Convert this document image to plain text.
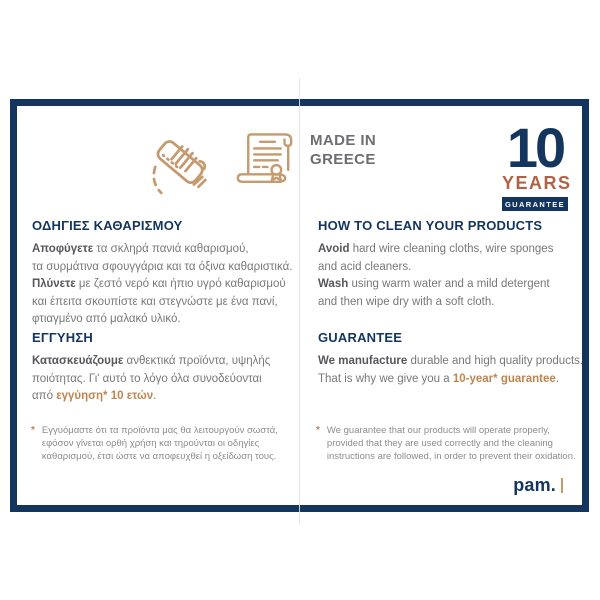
MADE IN
GREECE 10
YEARS
GUARANTEE
ΟΔΗΓΙΕΣ ΚΑΘΑΡΙΣΜΟΥ
Αποφύγετε τα σκληρά πανιά καθαρισμού,
τα συρμάτινα σφουγγάρια και τα όξινα καθαριστικά.
Πλύνετε με ζεστό νερό και ήπιο υγρό καθαρισμού
και έπειτα σκουπίστε και στεγνώστε με ένα πανί,
φτιαγμένο από μαλακό υλικό.
ΕΓΓΥΗΣΗ
Κατασκευάζουμε ανθεκτικά προϊόντα, υψηλής
ποιότητας. Γι' αυτό το λόγο όλα συνοδεύονται
από εγγύηση* 10 ετών.
* Εγγυόμαστε ότι τα προϊόντα μας θα λειτουργούν σωστά,
εφόσον γίνεται ορθή χρήση και τηρούνται οι οδηγίες
καθαρισμού, έτσι ώστε να αποφευχθεί η οξείδωση τους.
HOW TO CLEAN YOUR PRODUCTS
Avoid hard wire cleaning cloths, wire sponges
and acid cleaners.
Wash using warm water and a mild detergent
and then wipe dry with a soft cloth.
GUARANTEE
We manufacture durable and high quality products.
That is why we give you a 10-year* guarantee.
* We guarantee that our products will operate properly,
provided that they are used correctly and the cleaning
instructions are followed, in order to prevent their oxidation.
pam.
